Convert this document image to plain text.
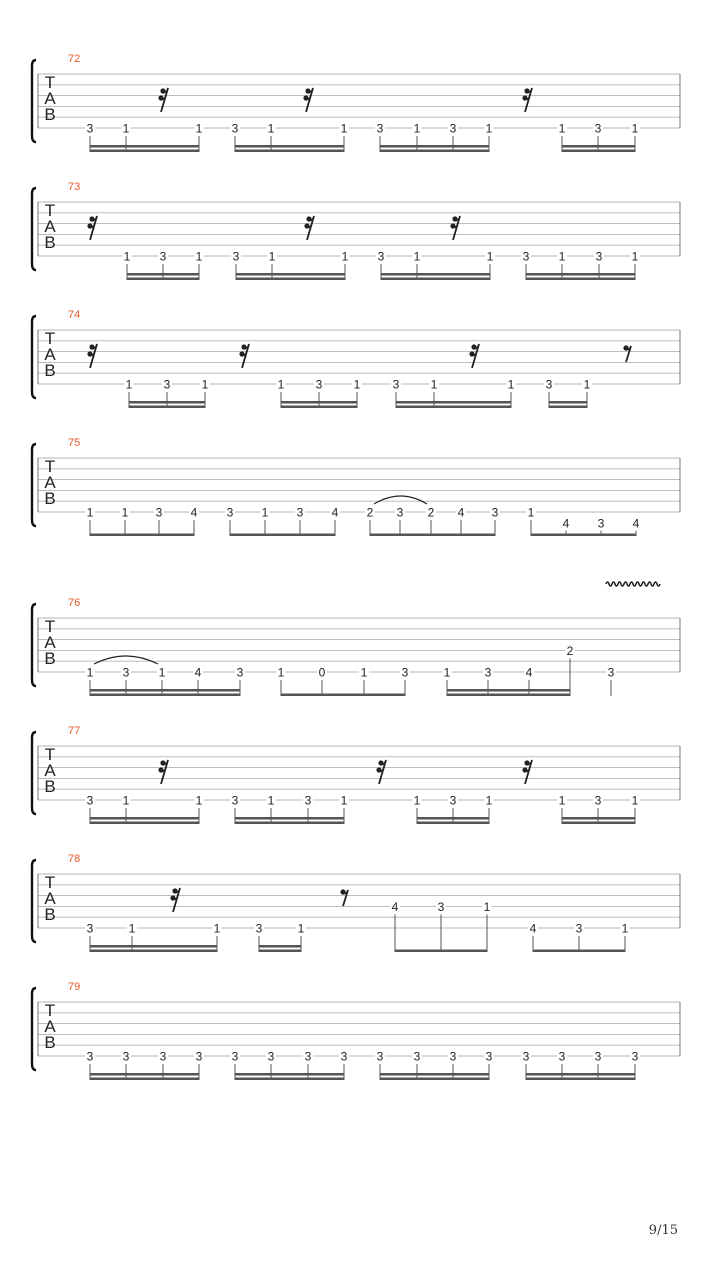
T
A
B
72
3 1	1 3 1	1 3	1 3 1	1 3	1
T
A
B
73
1 3 1	3 1	1 3 1	1 3 1	3 1
T
A
B
74
1	3	1	1	3	1	3	1	1	3	1
T
A
B
75
1 1 3 4 3 1 3 4 2 3 2 4 3 1
4 3 4
T
A
B
76
1 3 1 4	3	1	0	1	3	1	3	4
2
3
T
A
B
77
3 1	1 3 1	3 1	1 3 1	1 3	1
T
A
B
78
3	1	1	3	1
4	3	1
4	3	1
T
A
B
79
3 3	3 3 3 3	3 3 3	3 3 3	3 3 3	3
9/15
